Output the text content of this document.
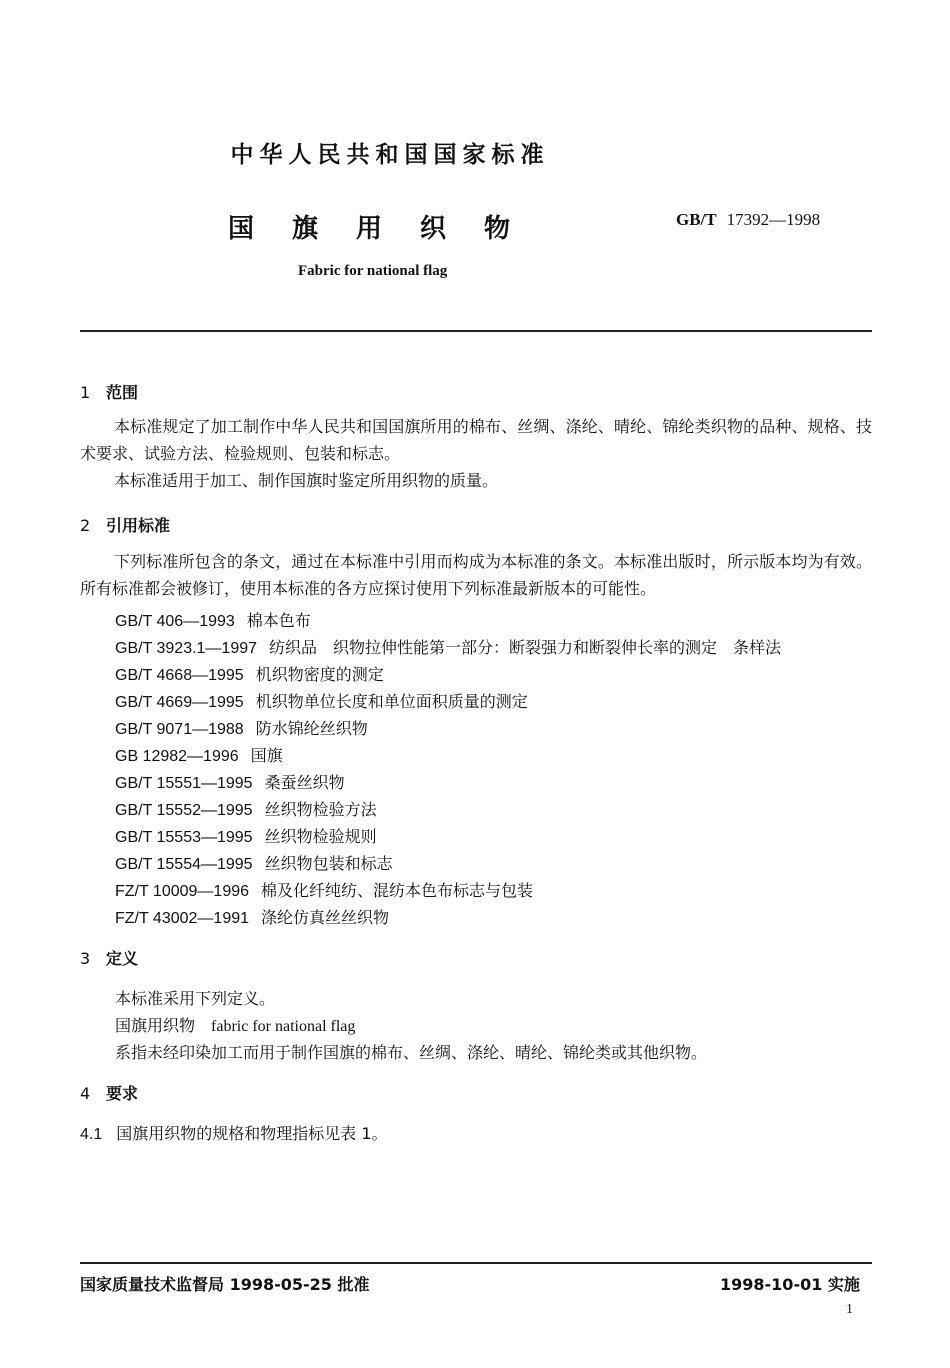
中华人民共和国国家标准
国旗用织物	GB/T 17392—1998
Fabric for national flag
1 范围
本标准规定了加工制作中华人民共和国国旗所用的棉布、丝绸、涤纶、晴纶、锦纶类织物的品种、规格、技术要求、试验方法、检验规则、包装和标志。
本标准适用于加工、制作国旗时鉴定所用织物的质量。
2 引用标准
下列标准所包含的条文，通过在本标准中引用而构成为本标准的条文。本标准出版时，所示版本均为有效。所有标准都会被修订，使用本标准的各方应探讨使用下列标准最新版本的可能性。
GB/T 406—1993 棉本色布
GB/T 3923.1—1997 纺织品　织物拉伸性能第一部分：断裂强力和断裂伸长率的测定　条样法
GB/T 4668—1995 机织物密度的测定
GB/T 4669—1995 机织物单位长度和单位面积质量的测定
GB/T 9071—1988 防水锦纶丝织物
GB 12982—1996 国旗
GB/T 15551—1995 桑蚕丝织物
GB/T 15552—1995 丝织物检验方法
GB/T 15553—1995 丝织物检验规则
GB/T 15554—1995 丝织物包装和标志
FZ/T 10009—1996 棉及化纤纯纺、混纺本色布标志与包装
FZ/T 43002—1991 涤纶仿真丝丝织物
3 定义
本标准采用下列定义。
国旗用织物 fabric for national flag
系指未经印染加工而用于制作国旗的棉布、丝绸、涤纶、晴纶、锦纶类或其他织物。
4 要求
4.1 国旗用织物的规格和物理指标见表 1。
国家质量技术监督局 1998-05-25 批准	1998-10-01 实施
1
